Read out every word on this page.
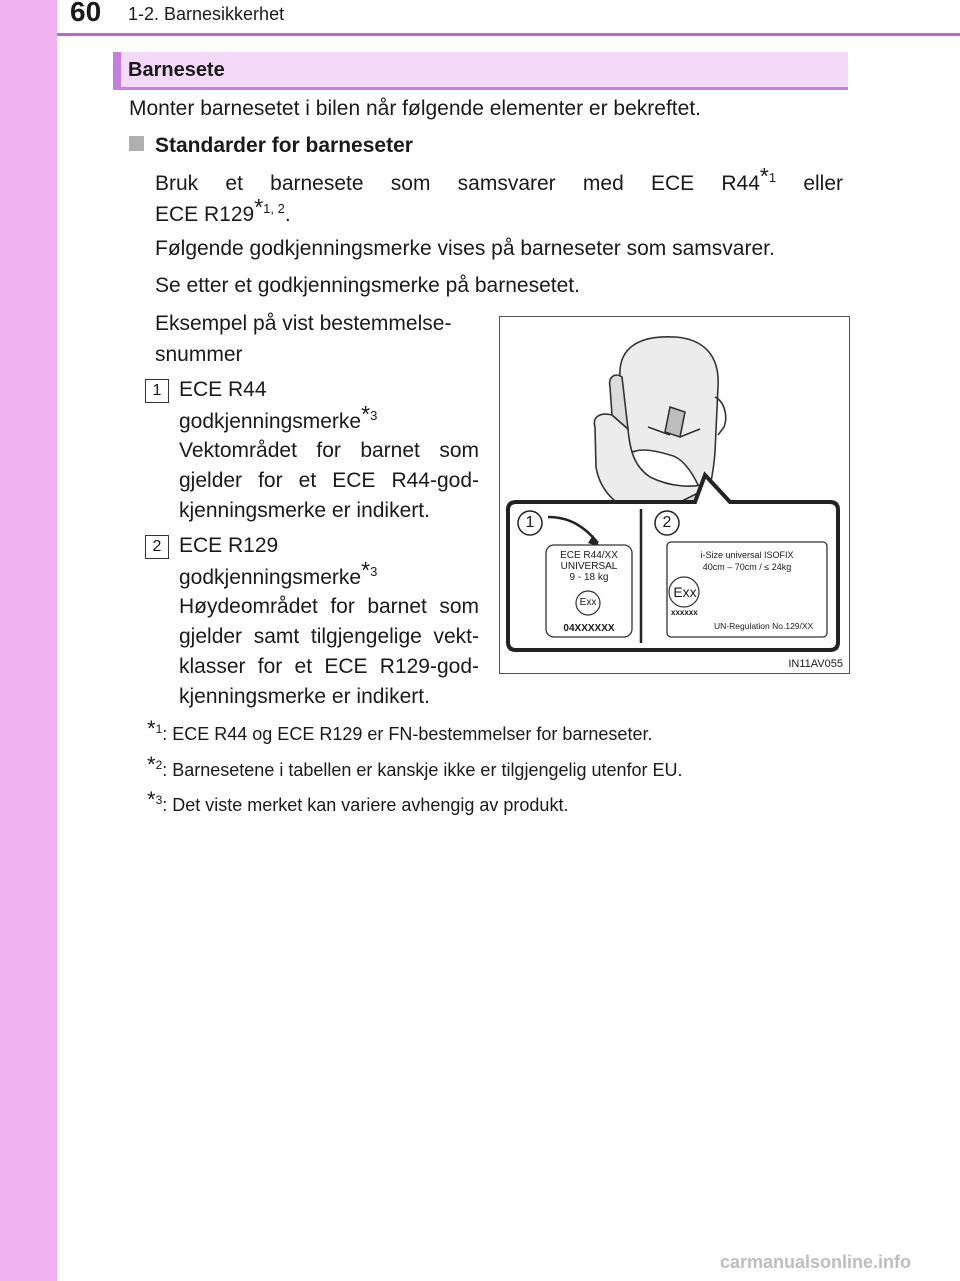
60 1-2. Barnesikkerhet
Barnesete
Monter barnesetet i bilen når følgende elementer er bekreftet.
Standarder for barneseter
Bruk et barnesete som samsvarer med ECE R44*$^1$ eller
ECE R129*$^{1, 2}$.
Følgende godkjenningsmerke vises på barneseter som samsvarer.
Se etter et godkjenningsmerke på barnesetet.
Eksempel på vist bestemmelse-
snummer
1 ECE R44
godkjenningsmerke*$^3$
Vektområdet for barnet som
gjelder for et ECE R44-god-
kjenningsmerke er indikert.
2 ECE R129
godkjenningsmerke*$^3$
Høydeområdet for barnet som
gjelder samt tilgjengelige vekt-
klasser for et ECE R129-god-
kjenningsmerke er indikert.
1	2
ECE R44/XX
UNIVERSAL
9 - 18 kg
Exx
04XXXXXX
i-Size universal ISOFIX
40cm – 70cm / ≤ 24kg
Exx
xxxxxx
UN-Regulation No.129/XX
IN11AV055
*$^1$: ECE R44 og ECE R129 er FN-bestemmelser for barneseter.
*$^2$: Barnesetene i tabellen er kanskje ikke er tilgjengelig utenfor EU.
*$^3$: Det viste merket kan variere avhengig av produkt.
carmanualsonline.info
